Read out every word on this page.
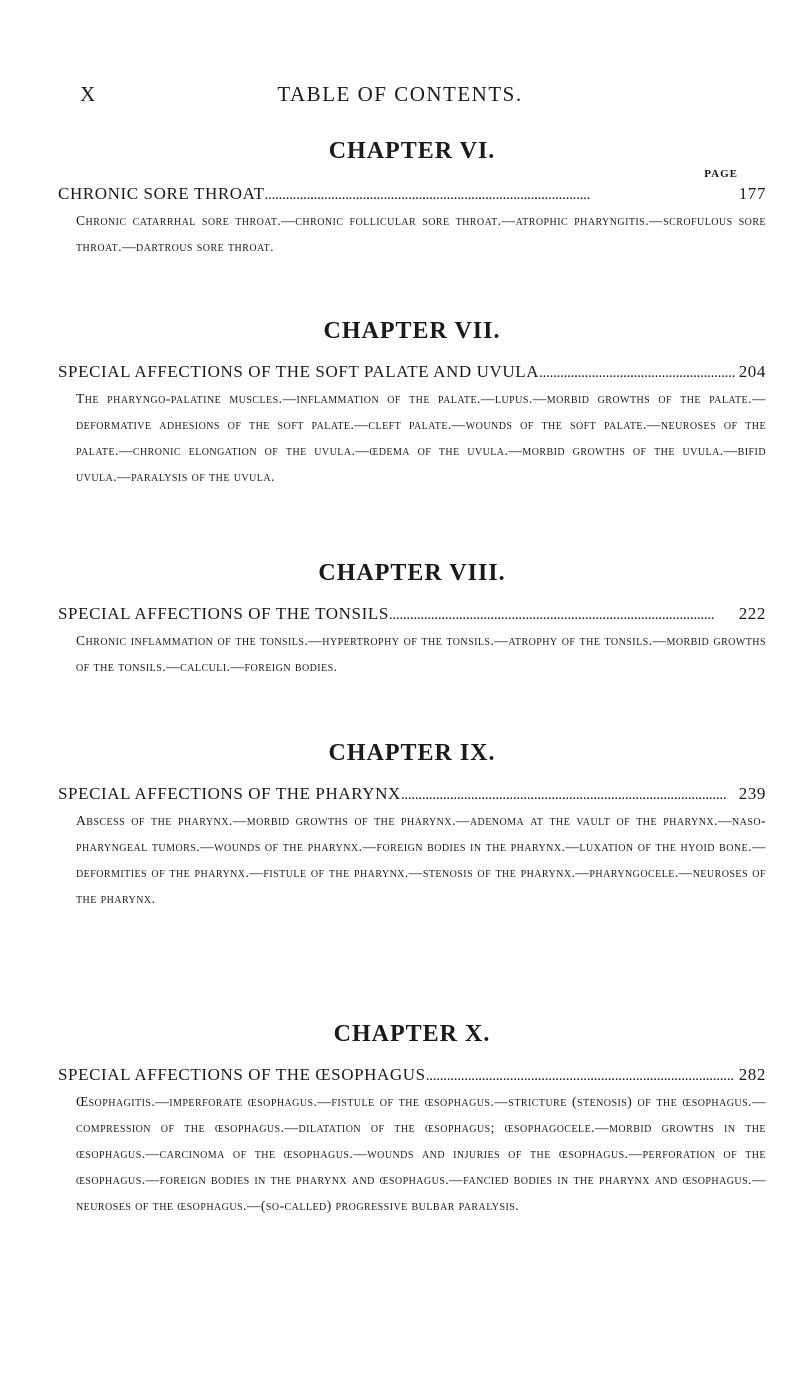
X	TABLE OF CONTENTS.
PAGE
CHAPTER VI.
CHRONIC SORE THROAT . . .	177

Chronic catarrhal sore throat.—chronic follicular sore throat.—atrophic pharyngitis.—scrofulous sore throat.—dartrous sore throat.

CHAPTER VII.
SPECIAL AFFECTIONS OF THE SOFT PALATE AND UVULA . . .	204

The pharyngo-palatine muscles.—inflammation of the palate.—lupus.—morbid growths of the palate.—deformative adhesions of the soft palate.—cleft palate.—wounds of the soft palate.—neuroses of the palate.—chronic elongation of the uvula.—œdema of the uvula.—morbid growths of the uvula.—bifid uvula.—paralysis of the uvula.

CHAPTER VIII.
SPECIAL AFFECTIONS OF THE TONSILS . . .	222

Chronic inflammation of the tonsils.—hypertrophy of the tonsils.—atrophy of the tonsils.—morbid growths of the tonsils.—calculi.—foreign bodies.

CHAPTER IX.
SPECIAL AFFECTIONS OF THE PHARYNX . . .	239

Abscess of the pharynx.—morbid growths of the pharynx.—adenoma at the vault of the pharynx.—naso-pharyngeal tumors.—wounds of the pharynx.—foreign bodies in the pharynx.—luxation of the hyoid bone.—deformities of the pharynx.—fistule of the pharynx.—stenosis of the pharynx.—pharyngocele.—neuroses of the pharynx.

CHAPTER X.
SPECIAL AFFECTIONS OF THE ŒSOPHAGUS . . .	282

Œsophagitis.—imperforate œsophagus.—fistule of the œsophagus.—stricture (stenosis) of the œsophagus.—compression of the œsophagus.—dilatation of the œsophagus; œsophagocele.—morbid growths in the œsophagus.—carcinoma of the œsophagus.—wounds and injuries of the œsophagus.—perforation of the œsophagus.—foreign bodies in the pharynx and œsophagus.—fancied bodies in the pharynx and œsophagus.—neuroses of the œsophagus.—(so-called) progressive bulbar paralysis.
